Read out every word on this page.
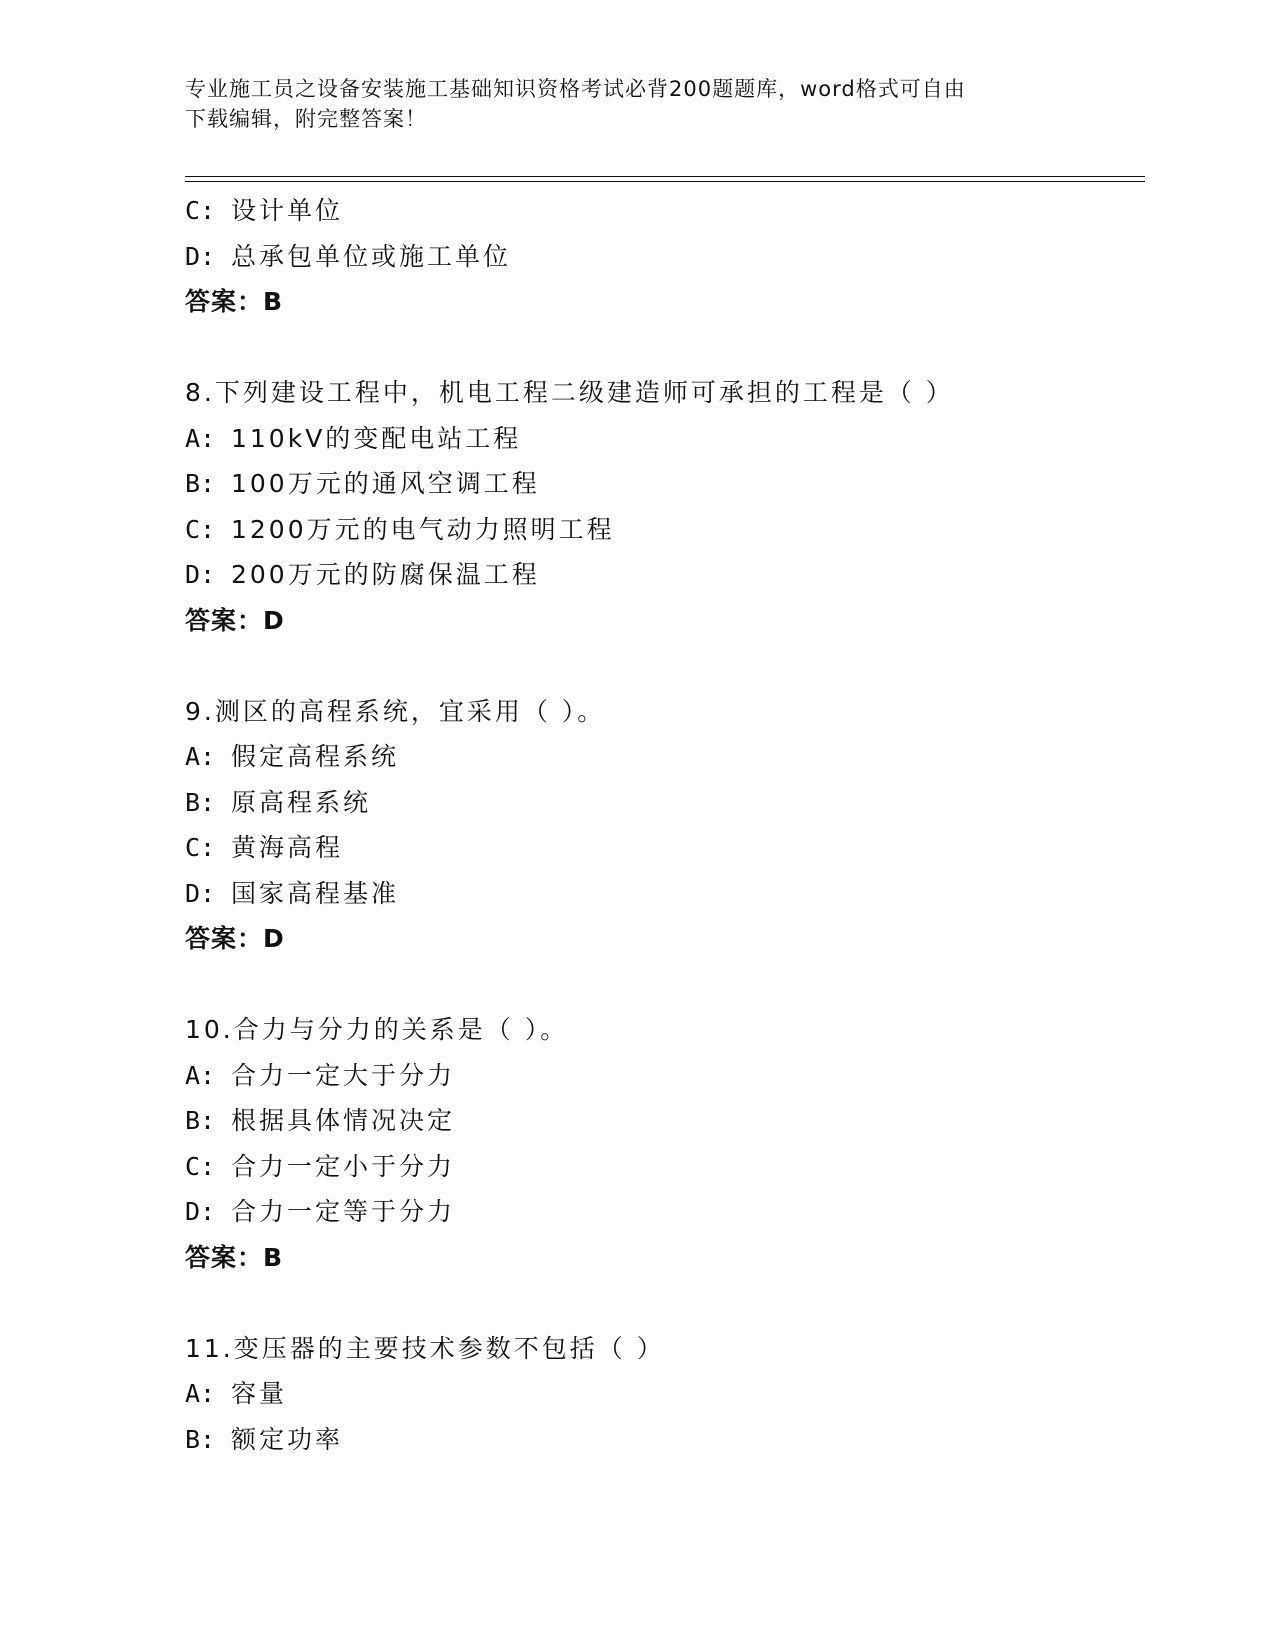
专业施工员之设备安装施工基础知识资格考试必背200题题库，word格式可自由
下载编辑，附完整答案！
C: 设计单位
D: 总承包单位或施工单位
答案：B
8.下列建设工程中，机电工程二级建造师可承担的工程是（ ）
A: 110kV的变配电站工程
B: 100万元的通风空调工程
C: 1200万元的电气动力照明工程
D: 200万元的防腐保温工程
答案：D
9.测区的高程系统，宜采用（ ）。
A: 假定高程系统
B: 原高程系统
C: 黄海高程
D: 国家高程基准
答案：D
10.合力与分力的关系是（ ）。
A: 合力一定大于分力
B: 根据具体情况决定
C: 合力一定小于分力
D: 合力一定等于分力
答案：B
11.变压器的主要技术参数不包括（ ）
A: 容量
B: 额定功率
